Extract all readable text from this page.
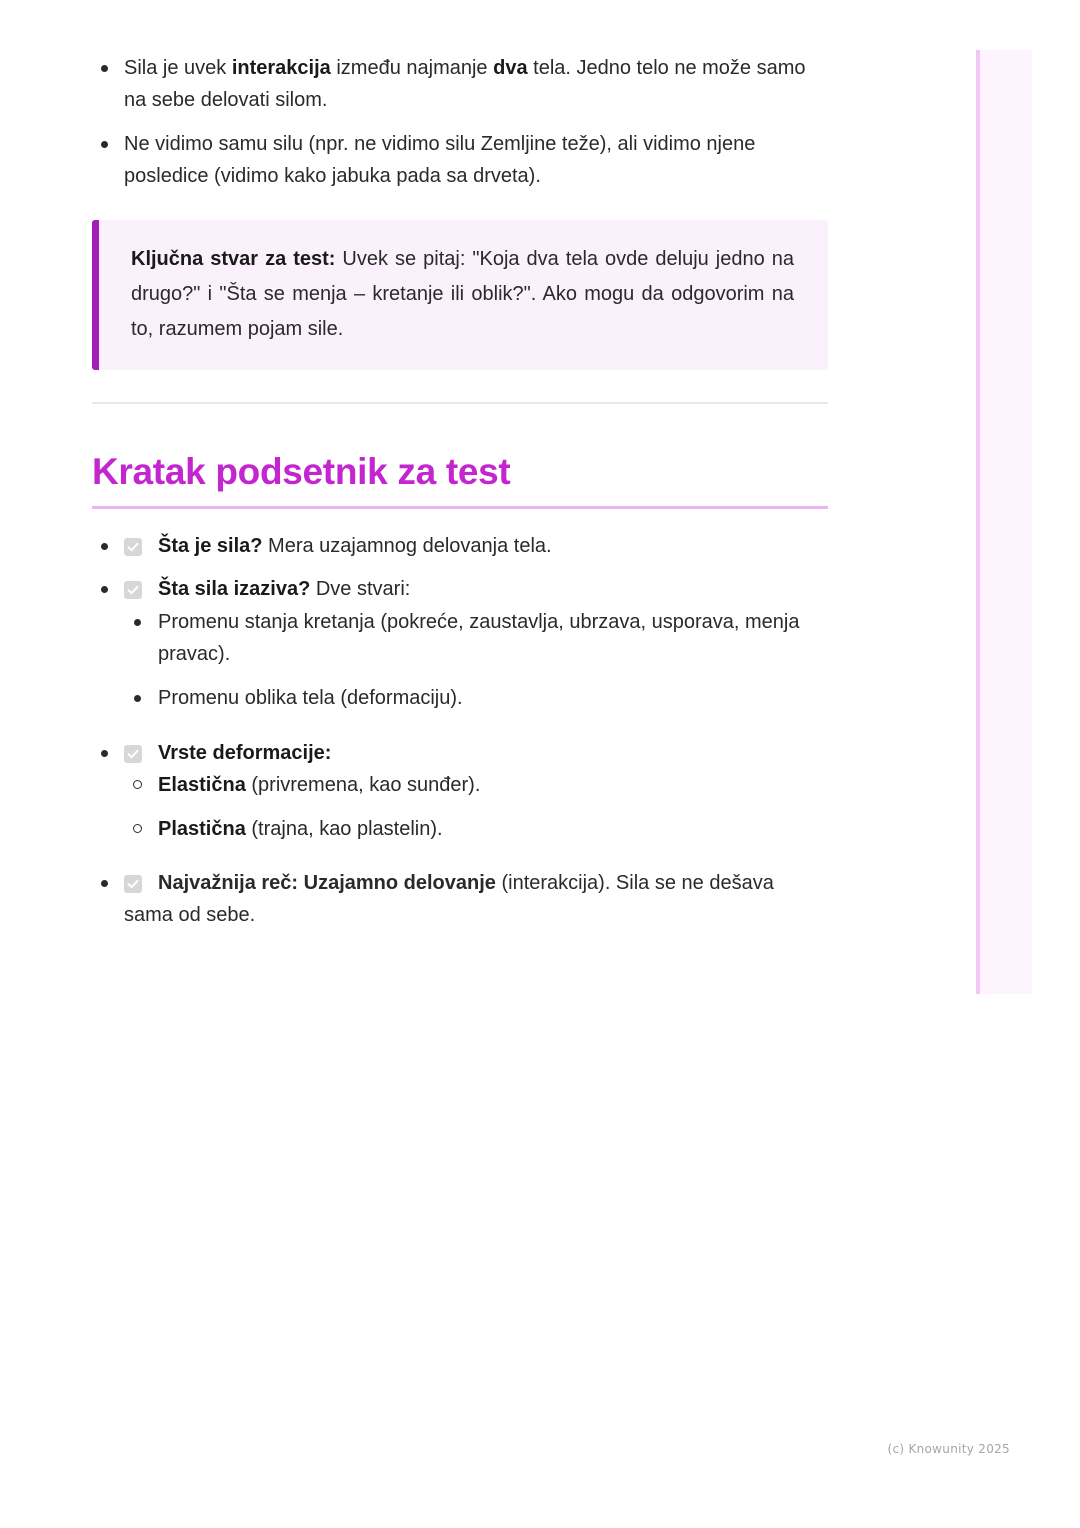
Sila je uvek interakcija između najmanje dva tela. Jedno telo ne može samo na sebe delovati silom.
Ne vidimo samu silu (npr. ne vidimo silu Zemljine teže), ali vidimo njene posledice (vidimo kako jabuka pada sa drveta).
Ključna stvar za test: Uvek se pitaj: "Koja dva tela ovde deluju jedno na drugo?" i "Šta se menja – kretanje ili oblik?". Ako mogu da odgovorim na to, razumem pojam sile.
Kratak podsetnik za test
Šta je sila? Mera uzajamnog delovanja tela.
Šta sila izaziva? Dve stvari:
Promenu stanja kretanja (pokreće, zaustavlja, ubrzava, usporava, menja pravac).
Promenu oblika tela (deformaciju).
Vrste deformacije:
Elastična (privremena, kao sunđer).
Plastična (trajna, kao plastelin).
Najvažnija reč: Uzajamno delovanje (interakcija). Sila se ne dešava sama od sebe.
(c) Knowunity 2025
